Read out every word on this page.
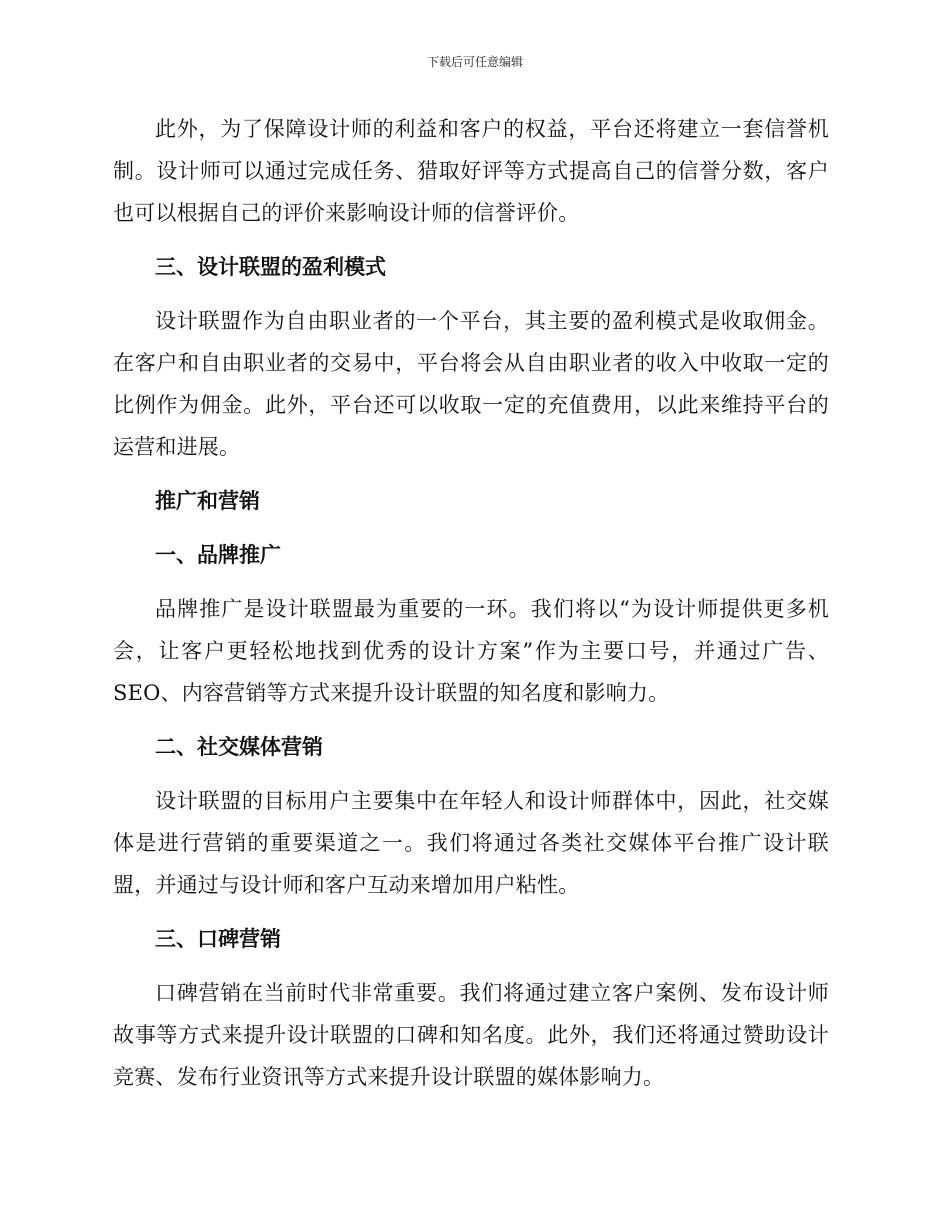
下载后可任意编辑

此外，为了保障设计师的利益和客户的权益，平台还将建立一套信誉机制。设计师可以通过完成任务、猎取好评等方式提高自己的信誉分数，客户也可以根据自己的评价来影响设计师的信誉评价。

三、设计联盟的盈利模式

设计联盟作为自由职业者的一个平台，其主要的盈利模式是收取佣金。在客户和自由职业者的交易中，平台将会从自由职业者的收入中收取一定的比例作为佣金。此外，平台还可以收取一定的充值费用，以此来维持平台的运营和进展。

推广和营销
一、品牌推广

品牌推广是设计联盟最为重要的一环。我们将以“为设计师提供更多机会，让客户更轻松地找到优秀的设计方案”作为主要口号，并通过广告、SEO、内容营销等方式来提升设计联盟的知名度和影响力。

二、社交媒体营销

设计联盟的目标用户主要集中在年轻人和设计师群体中，因此，社交媒体是进行营销的重要渠道之一。我们将通过各类社交媒体平台推广设计联盟，并通过与设计师和客户互动来增加用户粘性。

三、口碑营销

口碑营销在当前时代非常重要。我们将通过建立客户案例、发布设计师故事等方式来提升设计联盟的口碑和知名度。此外，我们还将通过赞助设计竞赛、发布行业资讯等方式来提升设计联盟的媒体影响力。
